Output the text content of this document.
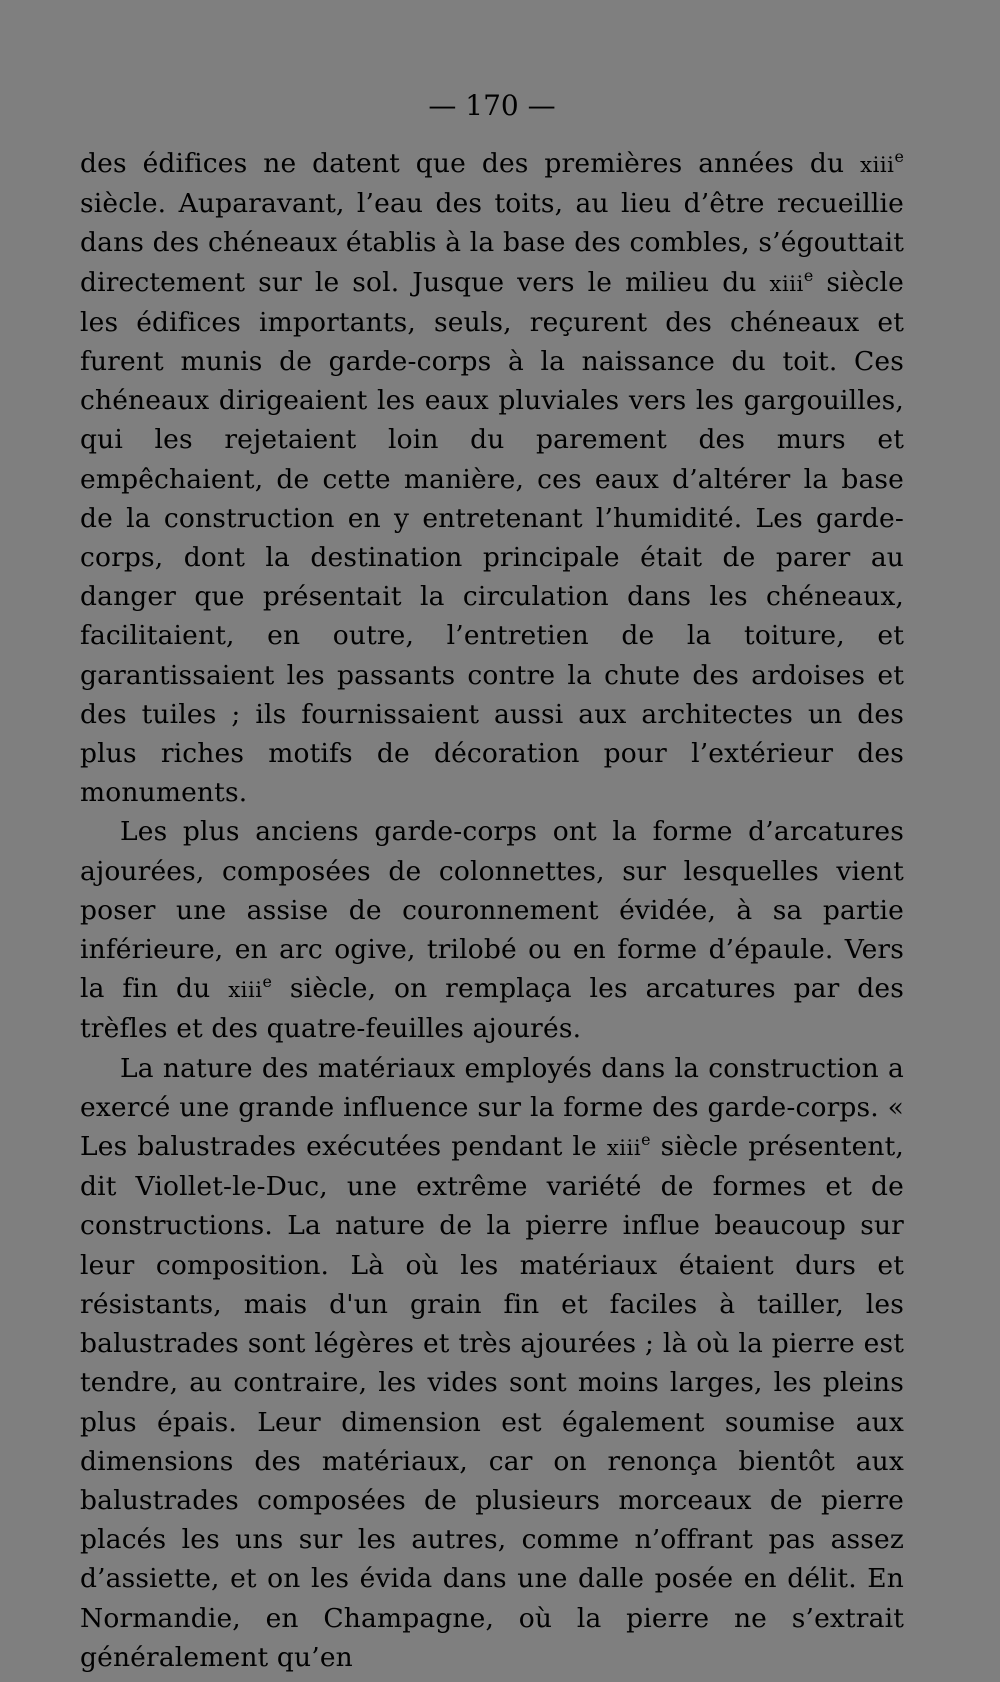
— 170 —

des édifices ne datent que des premières années du xiii$^e$ siècle. Auparavant, l’eau des toits, au lieu d’être recueillie dans des chéneaux établis à la base des combles, s’égouttait directement sur le sol. Jusque vers le milieu du xiii$^e$ siècle les édifices importants, seuls, reçurent des chéneaux et furent munis de garde-corps à la naissance du toit. Ces chéneaux dirigeaient les eaux pluviales vers les gargouilles, qui les rejetaient loin du parement des murs et empêchaient, de cette manière, ces eaux d’altérer la base de la construction en y entretenant l’humidité. Les garde-corps, dont la destination principale était de parer au danger que présentait la circulation dans les chéneaux, facilitaient, en outre, l’entretien de la toiture, et garantissaient les passants contre la chute des ardoises et des tuiles ; ils fournissaient aussi aux architectes un des plus riches motifs de décoration pour l’extérieur des monuments.

Les plus anciens garde-corps ont la forme d’arcatures ajourées, composées de colonnettes, sur lesquelles vient poser une assise de couronnement évidée, à sa partie inférieure, en arc ogive, trilobé ou en forme d’épaule. Vers la fin du xiii$^e$ siècle, on remplaça les arcatures par des trèfles et des quatre-feuilles ajourés.

La nature des matériaux employés dans la construction a exercé une grande influence sur la forme des garde-corps. « Les balustrades exécutées pendant le xiii$^e$ siècle présentent, dit Viollet-le-Duc, une extrême variété de formes et de constructions. La nature de la pierre influe beaucoup sur leur composition. Là où les matériaux étaient durs et résistants, mais d'un grain fin et faciles à tailler, les balustrades sont légères et très ajourées ; là où la pierre est tendre, au contraire, les vides sont moins larges, les pleins plus épais. Leur dimension est également soumise aux dimensions des matériaux, car on renonça bientôt aux balustrades composées de plusieurs morceaux de pierre placés les uns sur les autres, comme n’offrant pas assez d’assiette, et on les évida dans une dalle posée en délit. En Normandie, en Champagne, où la pierre ne s’extrait généralement qu’en
